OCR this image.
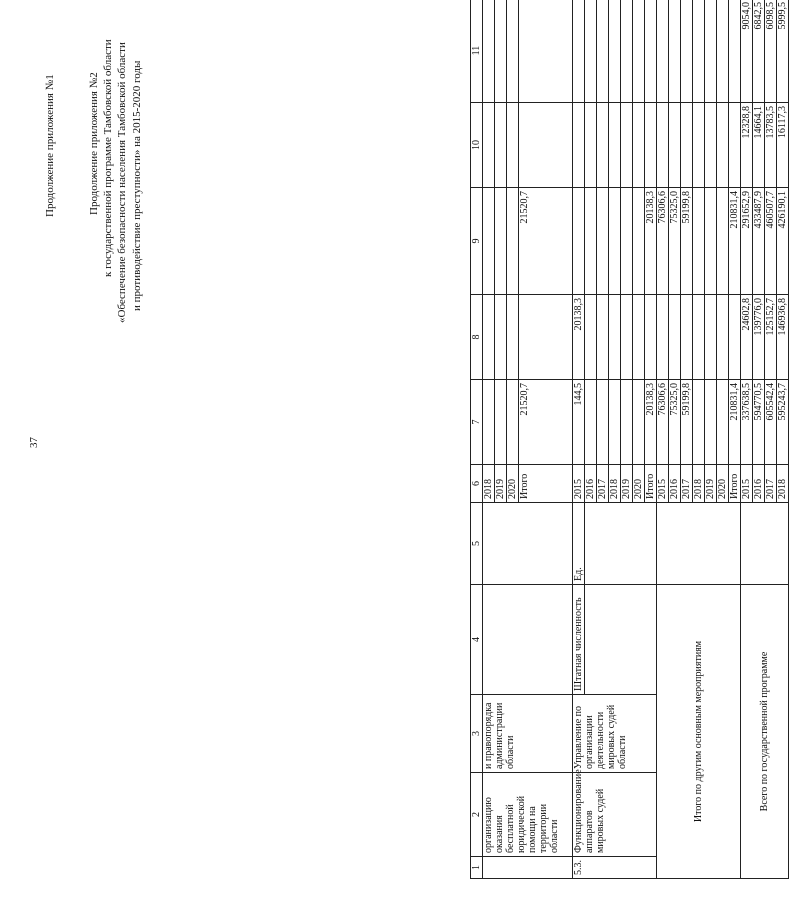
37
Продолжение приложения №1	Продолжение приложения №2 к государственной программе Тамбовской области «Обеспечение безопасности населения Тамбовской области и противодействие преступности» на 2015-2020 годы
1	2	3	4	5	6	7	8	9	10	11
	организацию оказания бесплатной юридической помощи на территории области	и правопорядка администрации области			2018					
					2019					
					2020					
					Итого	21520,7		21520,7		
5.3.	Функционирование аппаратов мировых судей	Управление по организации деятельности мировых судей области	Штатная численность	Ед.	2015	144,5	20138,3			
					2016					
					2017					
					2018					
					2019					
					2020					
					Итого	20138,3		20138,3		
Итого по другим основным мероприятиям					2015	76306,6		76306,6		
					2016	75325,0		75325,0		
					2017	59199,8		59199,8		
					2018					
					2019					
					2020					
					Итого	210831,4		210831,4		
Всего по государственной программе					2015	337638,5	24602,8	291652,9	12328,8	9054,0
					2016	594770,5	139776,0	433487,9	14664,1	6842,5
					2017	605542,4	125152,7	460507,7	13783,5	6098,5
					2018	595243,7	146936,8	426190,1	16117,3	5999,5
